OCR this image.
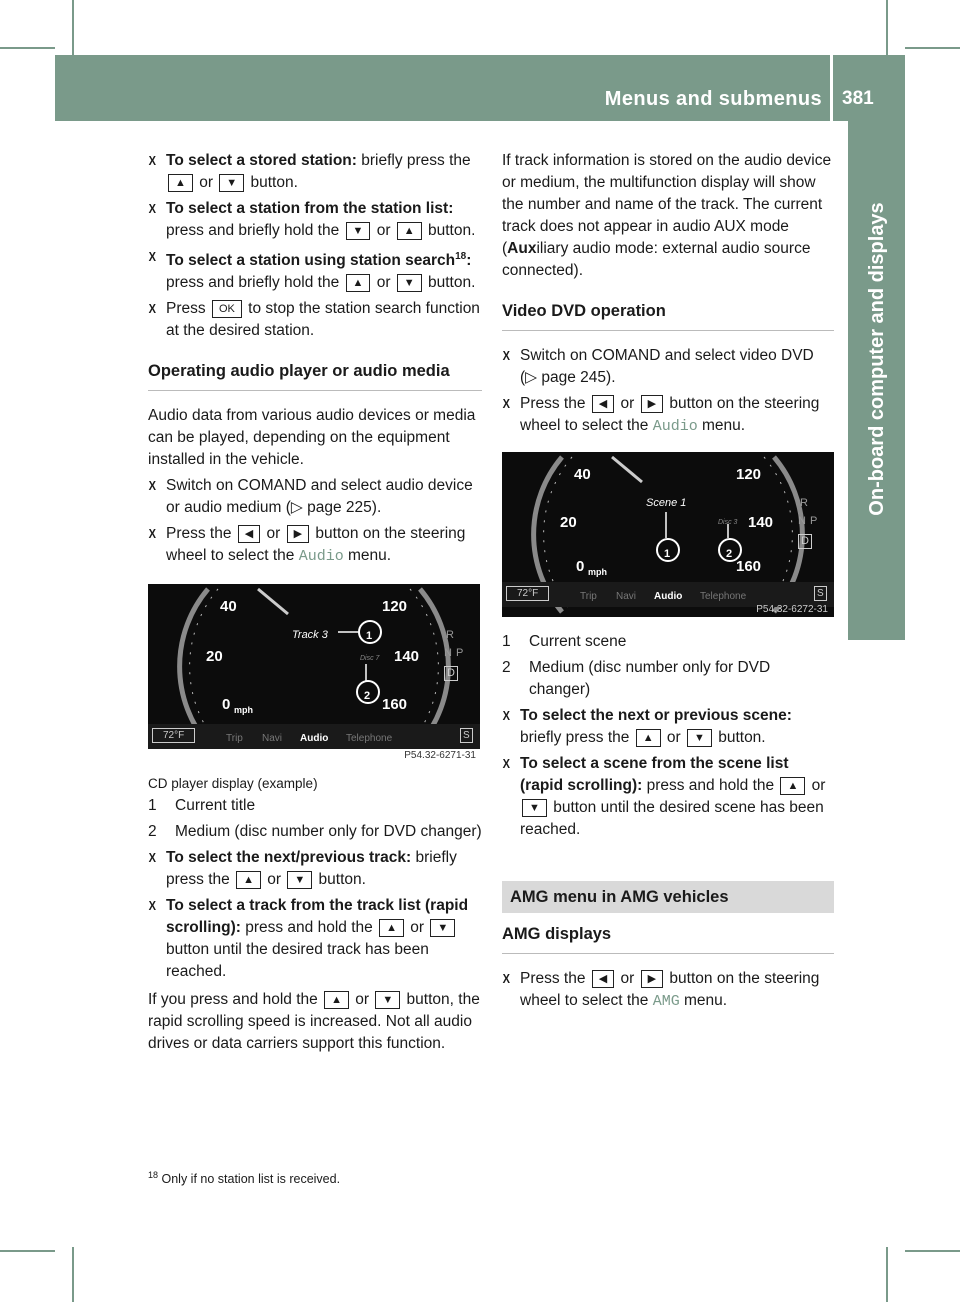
Menus and submenus 381
On-board computer and displays
X To select a stored station: briefly press the ▲ or ▼ button.
X To select a station from the station list: press and briefly hold the ▼ or ▲ button.
X To select a station using station search$^{18}$: press and briefly hold the ▲ or ▼ button.
X Press OK to stop the station search function at the desired station.
Operating audio player or audio media
Audio data from various audio devices or media can be played, depending on the equipment installed in the vehicle.
X Switch on COMAND and select audio device or audio medium (▷ page 225).
X Press the ◀ or ▶ button on the steering wheel to select the Audio menu.
40
20
0 mph
120
140
160
Track 3
Disc 7
1
2
R
N P
D
72°F	Trip Navi Audio Telephone	S
P54.32-6271-31
CD player display (example)
1 Current title
2 Medium (disc number only for DVD changer)
X To select the next/previous track: briefly press the ▲ or ▼ button.
X To select a track from the track list (rapid scrolling): press and hold the ▲ or ▼ button until the desired track has been reached.
If you press and hold the ▲ or ▼ button, the rapid scrolling speed is increased. Not all audio drives or data carriers support this function.
If track information is stored on the audio device or medium, the multifunction display will show the number and name of the track. The current track does not appear in audio AUX mode (Auxiliary audio mode: external audio source connected).
Video DVD operation
X Switch on COMAND and select video DVD (▷ page 245).
X Press the ◀ or ▶ button on the steering wheel to select the Audio menu.
40
20
0 mph
120
140
160
Scene 1
Disc 3
1	2
R
N P
D
72°F	Trip Navi Audio Telephone	S
P54.32-6272-31
1 Current scene
2 Medium (disc number only for DVD changer)
X To select the next or previous scene: briefly press the ▲ or ▼ button.
X To select a scene from the scene list (rapid scrolling): press and hold the ▲ or ▼ button until the desired scene has been reached.
AMG menu in AMG vehicles
AMG displays
X Press the ◀ or ▶ button on the steering wheel to select the AMG menu.
$^{18}$ Only if no station list is received.
